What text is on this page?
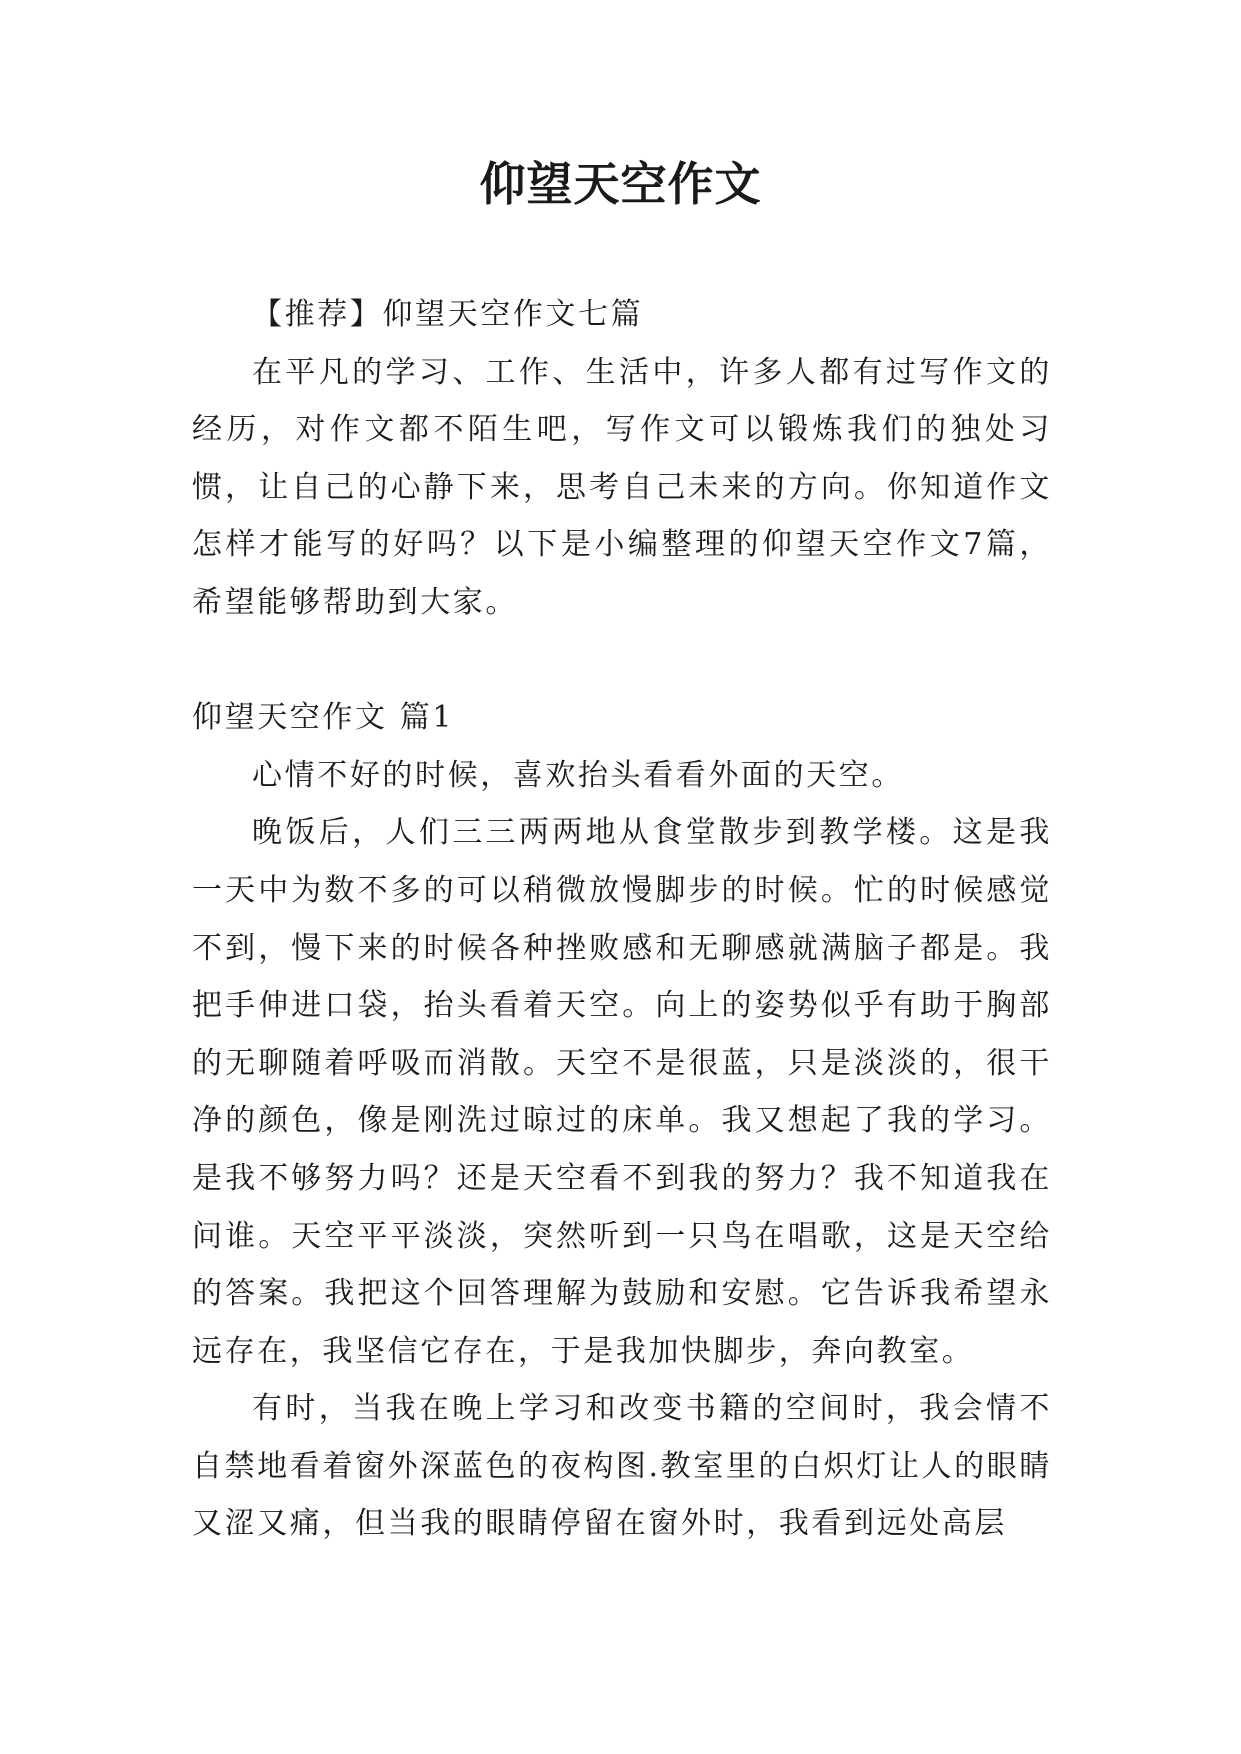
仰望天空作文

【推荐】仰望天空作文七篇

在平凡的学习、工作、生活中，许多人都有过写作文的经历，对作文都不陌生吧，写作文可以锻炼我们的独处习惯，让自己的心静下来，思考自己未来的方向。你知道作文怎样才能写的好吗？以下是小编整理的仰望天空作文7篇，希望能够帮助到大家。

仰望天空作文 篇1

心情不好的时候，喜欢抬头看看外面的天空。

晚饭后，人们三三两两地从食堂散步到教学楼。这是我一天中为数不多的可以稍微放慢脚步的时候。忙的时候感觉不到，慢下来的时候各种挫败感和无聊感就满脑子都是。我把手伸进口袋，抬头看着天空。向上的姿势似乎有助于胸部的无聊随着呼吸而消散。天空不是很蓝，只是淡淡的，很干净的颜色，像是刚洗过晾过的床单。我又想起了我的学习。是我不够努力吗？还是天空看不到我的努力？我不知道我在问谁。天空平平淡淡，突然听到一只鸟在唱歌，这是天空给的答案。我把这个回答理解为鼓励和安慰。它告诉我希望永远存在，我坚信它存在，于是我加快脚步，奔向教室。

有时，当我在晚上学习和改变书籍的空间时，我会情不自禁地看着窗外深蓝色的夜构图.教室里的白炽灯让人的眼睛又涩又痛，但当我的眼睛停留在窗外时，我看到远处高层
